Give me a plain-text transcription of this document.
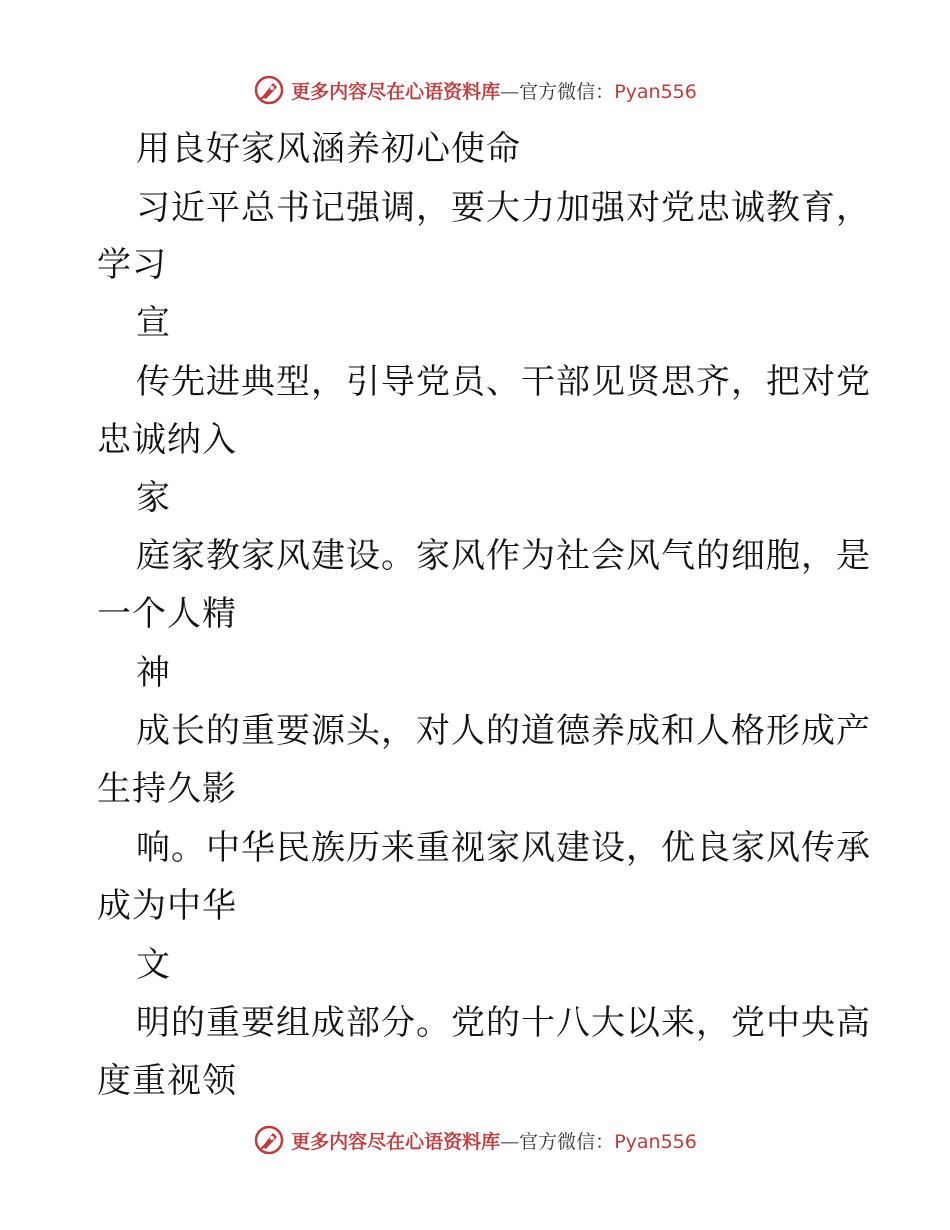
更多内容尽在心语资料库—官方微信：Pyan556
用良好家风涵养初心使命
习近平总书记强调，要大力加强对党忠诚教育，
学习
宣
传先进典型，引导党员、干部见贤思齐，把对党
忠诚纳入
家
庭家教家风建设。家风作为社会风气的细胞，是
一个人精
神
成长的重要源头，对人的道德养成和人格形成产
生持久影
响。中华民族历来重视家风建设，优良家风传承
成为中华
文
明的重要组成部分。党的十八大以来，党中央高
度重视领
更多内容尽在心语资料库—官方微信：Pyan556
